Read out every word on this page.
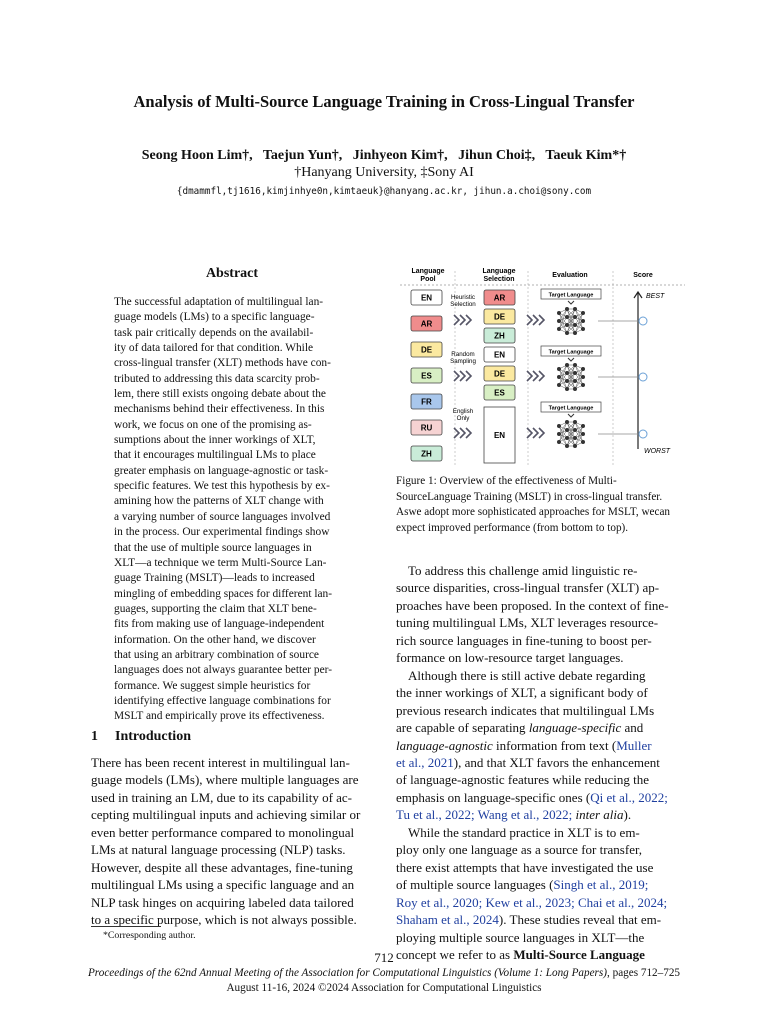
Analysis of Multi-Source Language Training in Cross-Lingual Transfer
Seong Hoon Lim†,  Taejun Yun†,  Jinhyeon Kim†,  Jihun Choi‡,  Taeuk Kim*†
†Hanyang University, ‡Sony AI
{dmammfl,tj1616,kimjinhye0n,kimtaeuk}@hanyang.ac.kr, jihun.a.choi@sony.com
Abstract
The successful adaptation of multilingual lan-
guage models (LMs) to a specific language-
task pair critically depends on the availabil-
ity of data tailored for that condition. While
cross-lingual transfer (XLT) methods have con-
tributed to addressing this data scarcity prob-
lem, there still exists ongoing debate about the
mechanisms behind their effectiveness. In this
work, we focus on one of the promising as-
sumptions about the inner workings of XLT,
that it encourages multilingual LMs to place
greater emphasis on language-agnostic or task-
specific features. We test this hypothesis by ex-
amining how the patterns of XLT change with
a varying number of source languages involved
in the process. Our experimental findings show
that the use of multiple source languages in
XLT—a technique we term Multi-Source Lan-
guage Training (MSLT)—leads to increased
mingling of embedding spaces for different lan-
guages, supporting the claim that XLT bene-
fits from making use of language-independent
information. On the other hand, we discover
that using an arbitrary combination of source
languages does not always guarantee better per-
formance. We suggest simple heuristics for
identifying effective language combinations for
MSLT and empirically prove its effectiveness.
1 Introduction
There has been recent interest in multilingual lan-
guage models (LMs), where multiple languages are
used in training an LM, due to its capability of ac-
cepting multilingual inputs and achieving similar or
even better performance compared to monolingual
LMs at natural language processing (NLP) tasks.
However, despite all these advantages, fine-tuning
multilingual LMs using a specific language and an
NLP task hinges on acquiring labeled data tailored
to a specific purpose, which is not always possible.
*Corresponding author.
Language
Pool
Language
Selection
Evaluation	Score
EN
AR
DE
ES
FR
RU
ZH
Heuristic
Selection
Random
Sampling
English
Only
AR
DE
ZH
EN
DE
ES
EN
Target Language
Target Language
Target Language
BEST
WORST
Figure 1: Overview of the effectiveness of Multi-SourceLanguage Training (MSLT) in cross-lingual transfer. Aswe adopt more sophisticated approaches for MSLT, wecan expect improved performance (from bottom to top).
To address this challenge amid linguistic re-
source disparities, cross-lingual transfer (XLT) ap-
proaches have been proposed. In the context of fine-
tuning multilingual LMs, XLT leverages resource-
rich source languages in fine-tuning to boost per-
formance on low-resource target languages.
Although there is still active debate regarding
the inner workings of XLT, a significant body of
previous research indicates that multilingual LMs
are capable of separating language-specific and
language-agnostic information from text (Muller
et al., 2021), and that XLT favors the enhancement
of language-agnostic features while reducing the
emphasis on language-specific ones (Qi et al., 2022;
Tu et al., 2022; Wang et al., 2022; inter alia).
While the standard practice in XLT is to em-
ploy only one language as a source for transfer,
there exist attempts that have investigated the use
of multiple source languages (Singh et al., 2019;
Roy et al., 2020; Kew et al., 2023; Chai et al., 2024;
Shaham et al., 2024). These studies reveal that em-
ploying multiple source languages in XLT—the
concept we refer to as Multi-Source Language
712
Proceedings of the 62nd Annual Meeting of the Association for Computational Linguistics (Volume 1: Long Papers), pages 712–725
August 11-16, 2024 ©2024 Association for Computational Linguistics
